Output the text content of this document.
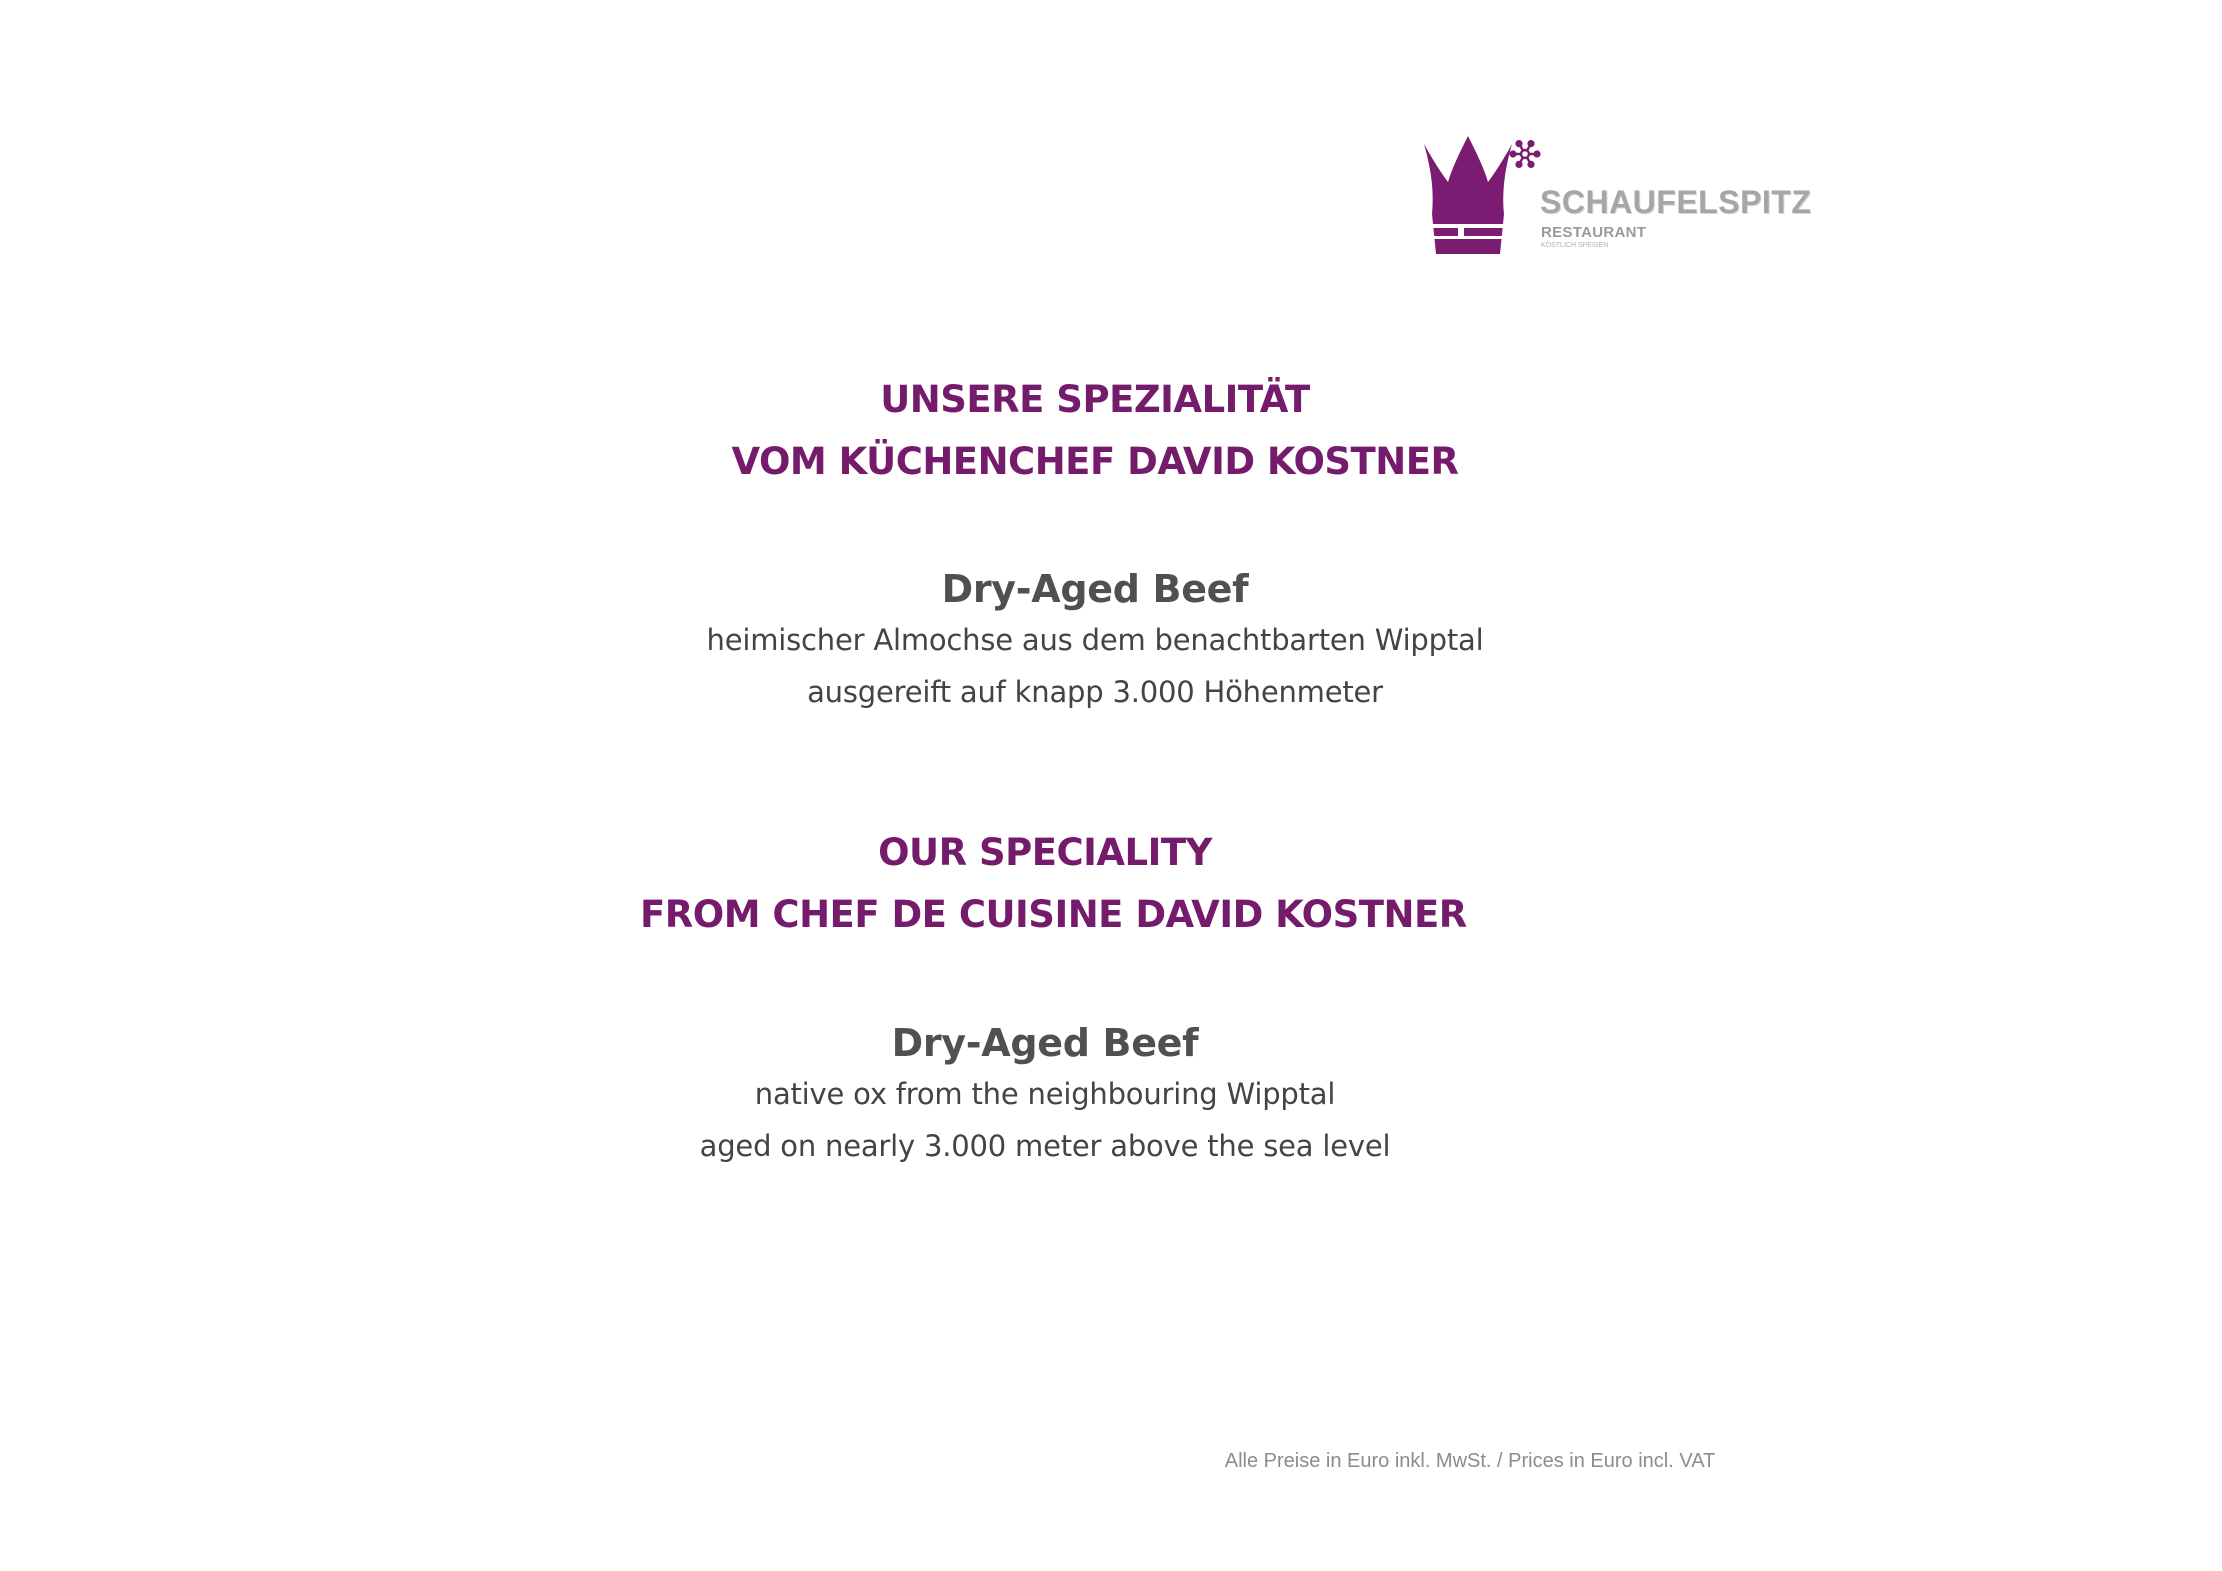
SCHAUFELSPITZ
RESTAURANT
KÖSTLICH SPEISEN
UNSERE SPEZIALITÄT
VOM KÜCHENCHEF DAVID KOSTNER
Dry-Aged Beef
heimischer Almochse aus dem benachtbarten Wipptal
ausgereift auf knapp 3.000 Höhenmeter
OUR SPECIALITY
FROM CHEF DE CUISINE DAVID KOSTNER
Dry-Aged Beef
native ox from the neighbouring Wipptal
aged on nearly 3.000 meter above the sea level
Alle Preise in Euro inkl. MwSt. / Prices in Euro incl. VAT
